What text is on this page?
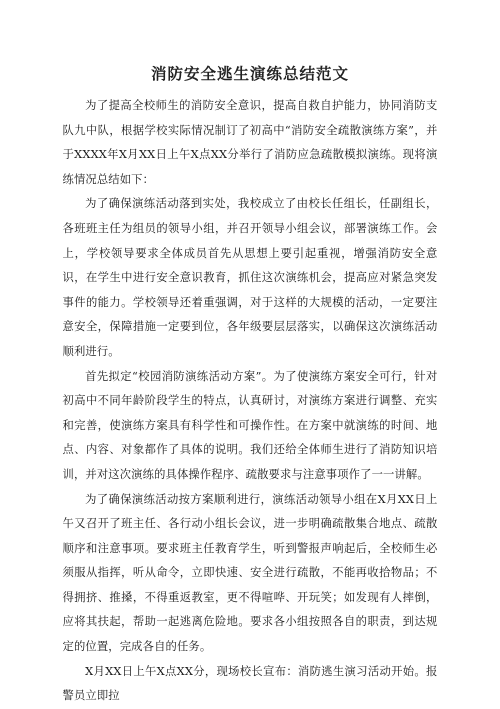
消防安全逃生演练总结范文

为了提高全校师生的消防安全意识，提高自救自护能力，协同消防支队九中队，根据学校实际情况制订了初高中“消防安全疏散演练方案”，并于XXXX年X月XX日上午X点XX分举行了消防应急疏散模拟演练。现将演练情况总结如下：

为了确保演练活动落到实处，我校成立了由校长任组长，任副组长，各班班主任为组员的领导小组，并召开领导小组会议，部署演练工作。会上，学校领导要求全体成员首先从思想上要引起重视，增强消防安全意识，在学生中进行安全意识教育，抓住这次演练机会，提高应对紧急突发事件的能力。学校领导还着重强调，对于这样的大规模的活动，一定要注意安全，保障措施一定要到位，各年级要层层落实，以确保这次演练活动顺利进行。

首先拟定“校园消防演练活动方案”。为了使演练方案安全可行，针对初高中不同年龄阶段学生的特点，认真研讨，对演练方案进行调整、充实和完善，使演练方案具有科学性和可操作性。在方案中就演练的时间、地点、内容、对象都作了具体的说明。我们还给全体师生进行了消防知识培训，并对这次演练的具体操作程序、疏散要求与注意事项作了一一讲解。

为了确保演练活动按方案顺利进行，演练活动领导小组在X月XX日上午又召开了班主任、各行动小组长会议，进一步明确疏散集合地点、疏散顺序和注意事项。要求班主任教育学生，听到警报声响起后，全校师生必须服从指挥，听从命令，立即快速、安全进行疏散，不能再收拾物品；不得拥挤、推搡，不得重返教室，更不得喧哗、开玩笑；如发现有人摔倒，应将其扶起，帮助一起逃离危险地。要求各小组按照各自的职责，到达规定的位置，完成各自的任务。

X月XX日上午X点XX分，现场校长宣布：消防逃生演习活动开始。报警员立即拉
